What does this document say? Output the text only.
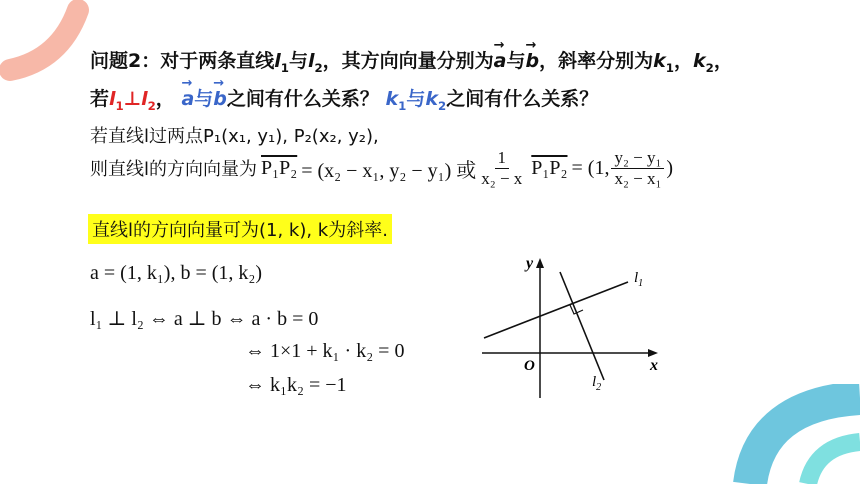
问题2：对于两条直线$l_1$与$l_2$，其方向向量分别为
→
a与
→
b，斜率分别为$k_1$，$k_2$，
若$l_1\perp l_2$，
→
a与
→
b之间有什么关系？ $k_1$与$k_2$之间有什么关系？
若直线l过两点P₁(x₁, y₁), P₂(x₂, y₂),
则直线l的方向向量为 P₁P₂ = (x₂ − x₁, y₂ − y₁) 或 $\frac{1}{\text{x₂ − x}} P_1P_2 = (1$, $\frac{\text{y₂ − y₁}}{\text{x₂ − x₁}}$ )
直线l的方向向量可为(1, k), k为斜率.
a = (1, k₁), b = (1, k₂)
l₁ ⊥ l₂ ⇔ a ⊥ b ⇔ a · b = 0
⇔ 1×1 + k₁ · k₂ = 0
⇔ k₁k₂ = −1
y
x
O
$l_1$
$l_2$
